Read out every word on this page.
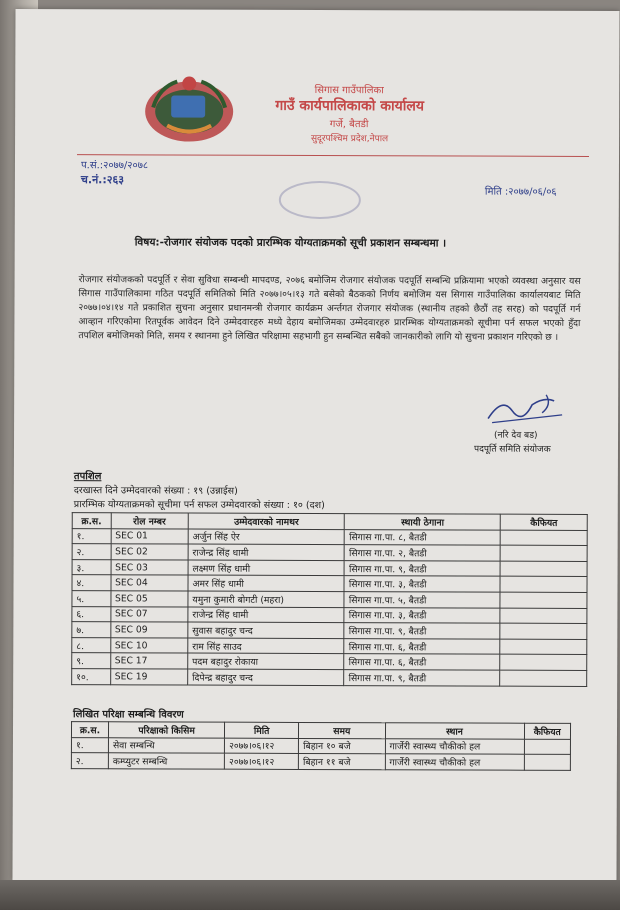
सिगास गाउँपालिका
गाउँ कार्यपालिकाको कार्यालय
गर्जे, बैतडी
सुदूरपश्चिम प्रदेश,नेपाल
प.सं.:२०७७/२०७८
च.नं.:२६३
मिति :२०७७/०६/०६
विषय:-रोजगार संयोजक पदको प्रारम्भिक योग्यताक्रमको सूची प्रकाशन सम्बन्धमा ।
रोजगार संयोजकको पदपूर्ति र सेवा सुविधा सम्बन्धी मापदण्ड, २०७६ बमोजिम रोजगार संयोजक पदपूर्ति सम्बन्धि प्रक्रियामा भएको व्यवस्था अनुसार यस सिगास गाउँपालिकामा गठित पदपूर्ति समितिको मिति २०७७।०५।१३ गते बसेको बैठकको निर्णय बमोजिम यस सिगास गाउँपालिका कार्यालयबाट मिति २०७७।०४।१४ गते प्रकाशित सुचना अनुसार प्रधानमन्त्री रोजगार कार्यक्रम अर्न्तगत रोजगार संयोजक (स्थानीय तहको छैठौं तह सरह) को पदपूर्ति गर्न आव्हान गरिएकोमा रितपूर्वक आवेदन दिने उम्मेदवारहरु मध्ये देहाय बमोजिमका उम्मेदवारहरु प्रारम्भिक योग्यताक्रमको सूचीमा पर्न सफल भएको हुँदा तपशिल बमोजिमको मिति, समय र स्थानमा हुने लिखित परिक्षामा सहभागी हुन सम्बन्धित सबैको जानकारीको लागि यो सुचना प्रकाशन गरिएको छ ।
(नरि देव बड)
पदपूर्ति समिति संयोजक
तपशिल
दरखास्त दिने उम्मेदवारको संख्या : १९ (उन्नाईस)
प्रारम्भिक योग्यताक्रमको सूचीमा पर्न सफल उम्मेदवारको संख्या : १० (दश)
क्र.स.	रोल नम्बर	उम्मेदवारको नामथर	स्थायी ठेगाना	कैफियत
१.	SEC 01	अर्जुन सिंह ऐर	सिगास गा.पा. ८, बैतडी	
२.	SEC 02	राजेन्द्र सिंह धामी	सिगास गा.पा. २, बैतडी	
३.	SEC 03	लक्ष्मण सिंह धामी	सिगास गा.पा. ९, बैतडी	
४.	SEC 04	अमर सिंह धामी	सिगास गा.पा. ३, बैतडी	
५.	SEC 05	यमुना कुमारी बोगटी (महरा)	सिगास गा.पा. ५, बैतडी	
६.	SEC 07	राजेन्द्र सिंह धामी	सिगास गा.पा. ३, बैतडी	
७.	SEC 09	सुवास बहादुर चन्द	सिगास गा.पा. ९, बैतडी	
८.	SEC 10	राम सिंह साउद	सिगास गा.पा. ६, बैतडी	
९.	SEC 17	पदम बहादुर रोकाया	सिगास गा.पा. ६, बैतडी	
१०.	SEC 19	दिपेन्द्र बहादुर चन्द	सिगास गा.पा. ९, बैतडी	
लिखित परिक्षा सम्बन्धि विवरण
क्र.स.	परिक्षाको किसिम	मिति	समय	स्थान	कैफियत
१.	सेवा सम्बन्धि	२०७७।०६।१२	बिहान १० बजे	गार्जेरी स्वास्थ्य चौकीको हल	
२.	कम्प्युटर सम्बन्धि	२०७७।०६।१२	बिहान ११ बजे	गार्जेरी स्वास्थ्य चौकीको हल	
